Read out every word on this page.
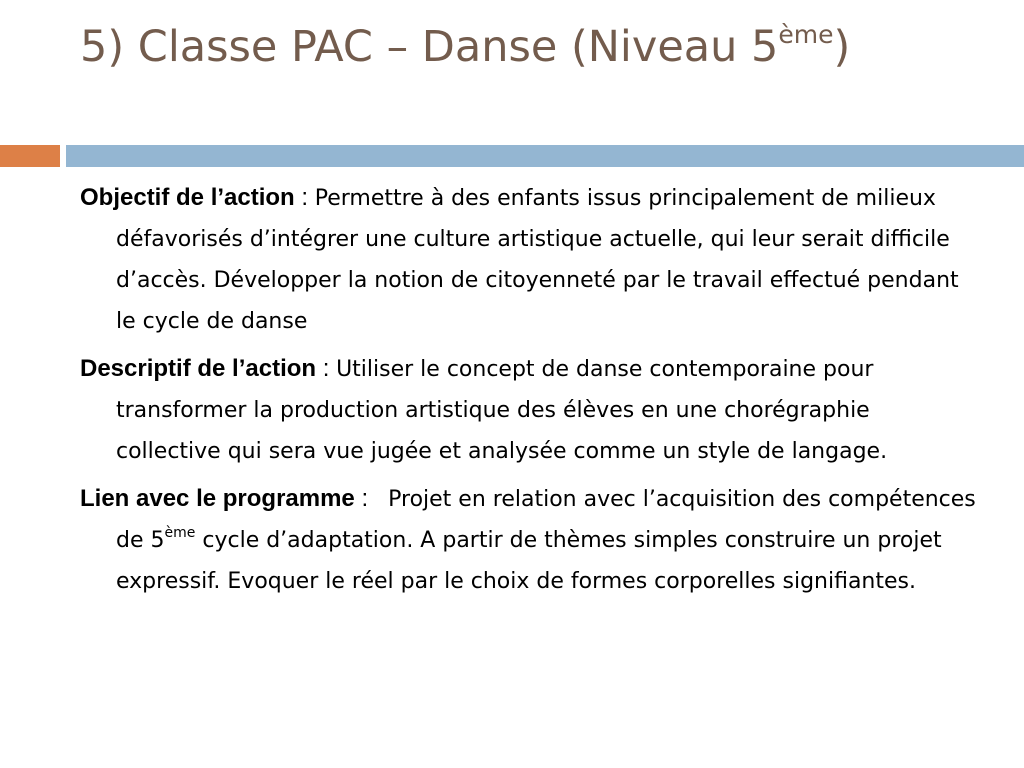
5) Classe PAC – Danse (Niveau 5ème)

Objectif de l’action : Permettre à des enfants issus principalement de milieux défavorisés d’intégrer une culture artistique actuelle, qui leur serait difficile d’accès. Développer la notion de citoyenneté par le travail effectué pendant le cycle de danse

Descriptif de l’action : Utiliser le concept de danse contemporaine pour transformer la production artistique des élèves en une chorégraphie collective qui sera vue jugée et analysée comme un style de langage.

Lien avec le programme :   Projet en relation avec l’acquisition des compétences de 5ème cycle d’adaptation. A partir de thèmes simples construire un projet expressif. Evoquer le réel par le choix de formes corporelles signifiantes.
